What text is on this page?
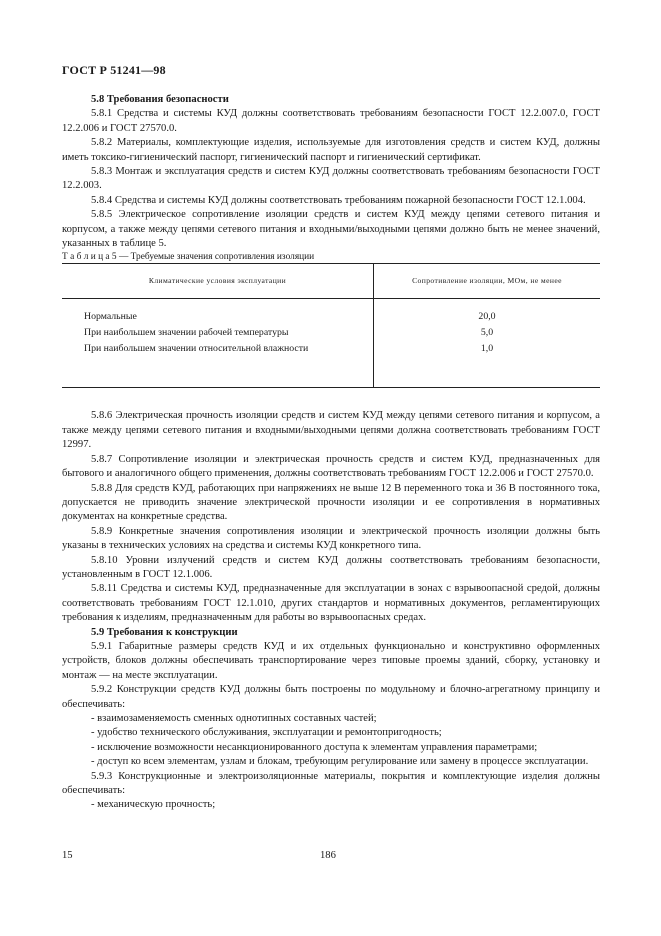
ГОСТ Р 51241—98

5.8 Требования безопасности

5.8.1 Средства и системы КУД должны соответствовать требованиям безопасности ГОСТ 12.2.007.0, ГОСТ 12.2.006 и ГОСТ 27570.0.

5.8.2 Материалы, комплектующие изделия, используемые для изготовления средств и систем КУД, должны иметь токсико-гигиенический паспорт, гигиенический паспорт и гигиенический сертификат.

5.8.3 Монтаж и эксплуатация средств и систем КУД должны соответствовать требованиям безопасности ГОСТ 12.2.003.

5.8.4 Средства и системы КУД должны соответствовать требованиям пожарной безопасности ГОСТ 12.1.004.

5.8.5 Электрическое сопротивление изоляции средств и систем КУД между цепями сетевого питания и корпусом, а также между цепями сетевого питания и входными/выходными цепями должно быть не менее значений, указанных в таблице 5.

Т а б л и ц а 5 — Требуемые значения сопротивления изоляции

Климатические условия эксплуатации	Сопротивление изоляции, МОм, не менее

Нормальные	20,0
При наибольшем значении рабочей температуры	5,0
При наибольшем значении относительной влажности	1,0

5.8.6 Электрическая прочность изоляции средств и систем КУД между цепями сетевого питания и корпусом, а также между цепями сетевого питания и входными/выходными цепями должна соответствовать требованиям ГОСТ 12997.

5.8.7 Сопротивление изоляции и электрическая прочность средств и систем КУД, предназначенных для бытового и аналогичного общего применения, должны соответствовать требованиям ГОСТ 12.2.006 и ГОСТ 27570.0.

5.8.8 Для средств КУД, работающих при напряжениях не выше 12 В переменного тока и 36 В постоянного тока, допускается не приводить значение электрической прочности изоляции и ее сопротивления в нормативных документах на конкретные средства.

5.8.9 Конкретные значения сопротивления изоляции и электрической прочность изоляции должны быть указаны в технических условиях на средства и системы КУД конкретного типа.

5.8.10 Уровни излучений средств и систем КУД должны соответствовать требованиям безопасности, установленным в ГОСТ 12.1.006.

5.8.11 Средства и системы КУД, предназначенные для эксплуатации в зонах с взрывоопасной средой, должны соответствовать требованиям ГОСТ 12.1.010, других стандартов и нормативных документов, регламентирующих требования к изделиям, предназначенным для работы во взрывоопасных средах.

5.9 Требования к конструкции

5.9.1 Габаритные размеры средств КУД и их отдельных функционально и конструктивно оформленных устройств, блоков должны обеспечивать транспортирование через типовые проемы зданий, сборку, установку и монтаж — на месте эксплуатации.

5.9.2 Конструкции средств КУД должны быть построены по модульному и блочно-агрегатному принципу и обеспечивать:

- взаимозаменяемость сменных однотипных составных частей;

- удобство технического обслуживания, эксплуатации и ремонтопригодность;

- исключение возможности несанкционированного доступа к элементам управления параметрами;

- доступ ко всем элементам, узлам и блокам, требующим регулирование или замену в процессе эксплуатации.

5.9.3 Конструкционные и электроизоляционные материалы, покрытия и комплектующие изделия должны обеспечивать:

- механическую прочность;

15	186
